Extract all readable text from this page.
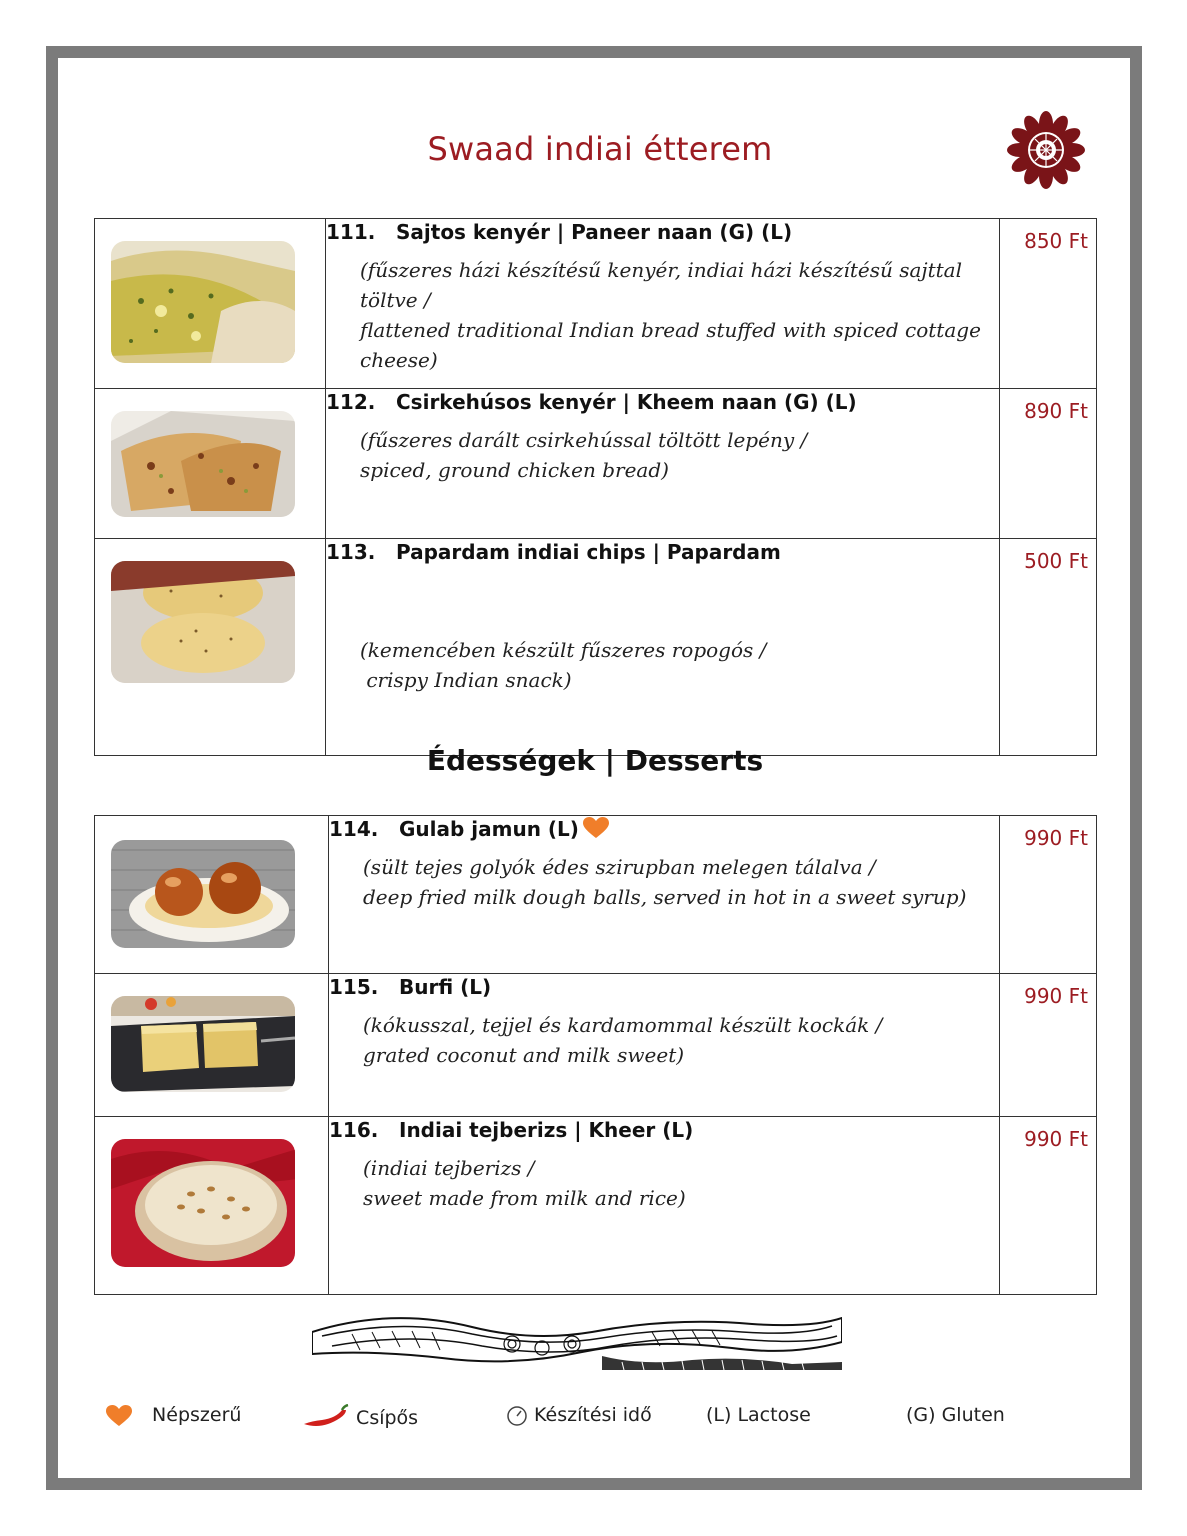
Swaad indiai étterem

111. Sajtos kenyér | Paneer naan (G) (L)
(fűszeres házi készítésű kenyér, indiai házi készítésű sajttal töltve /
flattened traditional Indian bread stuffed with spiced cottage
cheese)	850 Ft

112. Csirkehúsos kenyér | Kheem naan (G) (L)
(fűszeres darált csirkehússal töltött lepény /
spiced, ground chicken bread)	890 Ft

113. Papardam indiai chips | Papardam

(kemencében készült fűszeres ropogós /
crispy Indian snack)	500 Ft
Édességek | Desserts

114. Gulab jamun (L)
(sült tejes golyók édes szirupban melegen tálalva /
deep fried milk dough balls, served in hot in a sweet syrup)	990 Ft

115. Burfi (L)
(kókusszal, tejjel és kardamommal készült kockák /
grated coconut and milk sweet)	990 Ft

116. Indiai tejberizs | Kheer (L)
(indiai tejberizs /
sweet made from milk and rice)	990 Ft
Népszerű	Csípős	Készítési idő	(L) Lactose	(G) Gluten
